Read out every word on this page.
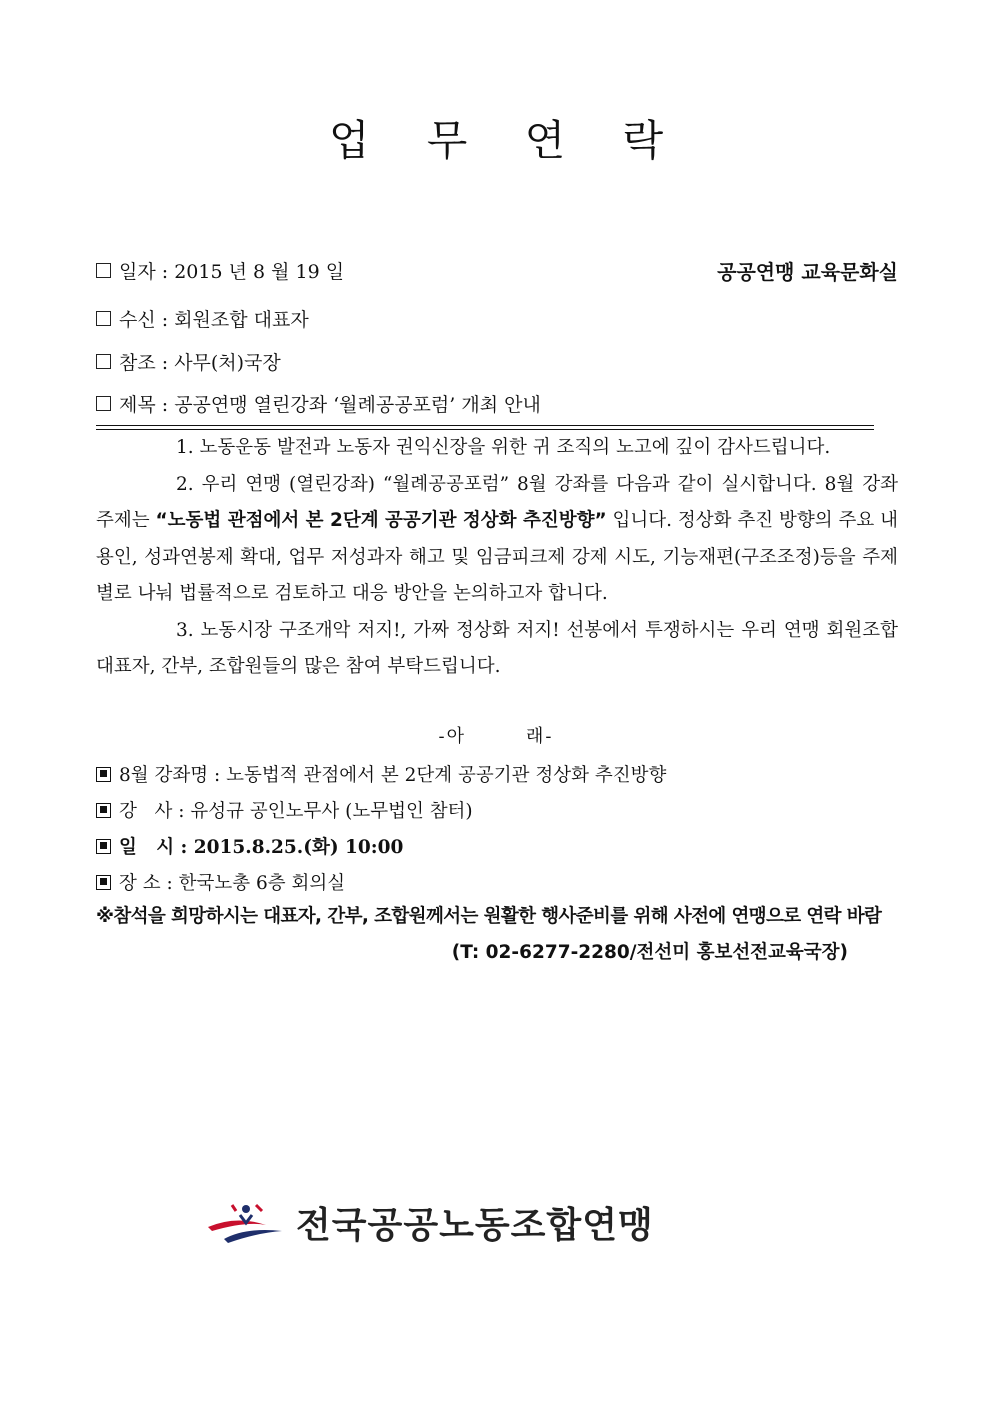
업 무 연 락
일자 : 2015 년 8 월 19 일	공공연맹 교육문화실
수신 : 회원조합 대표자
참조 : 사무(처)국장
제목 : 공공연맹 열린강좌 ‘월례공공포럼’ 개최 안내

1. 노동운동 발전과 노동자 권익신장을 위한 귀 조직의 노고에 깊이 감사드립니다.

2. 우리 연맹 (열린강좌) “월례공공포럼” 8월 강좌를 다음과 같이 실시합니다. 8월 강좌 주제는 “노동법 관점에서 본 2단계 공공기관 정상화 추진방향” 입니다. 정상화 추진 방향의 주요 내용인, 성과연봉제 확대, 업무 저성과자 해고 및 임금피크제 강제 시도, 기능재편(구조조정)등을 주제별로 나눠 법률적으로 검토하고 대응 방안을 논의하고자 합니다.

3. 노동시장 구조개악 저지!, 가짜 정상화 저지! 선봉에서 투쟁하시는 우리 연맹 회원조합 대표자, 간부, 조합원들의 많은 참여 부탁드립니다.

-아	래-
8월 강좌명 : 노동법적 관점에서 본 2단계 공공기관 정상화 추진방향
강   사 : 유성규 공인노무사 (노무법인 참터)
일   시 : 2015.8.25.(화) 10:00
장 소 : 한국노총 6층 회의실
※참석을 희망하시는 대표자, 간부, 조합원께서는 원활한 행사준비를 위해 사전에 연맹으로 연락 바람
(T: 02-6277-2280/전선미 홍보선전교육국장)
전국공공노동조합연맹
